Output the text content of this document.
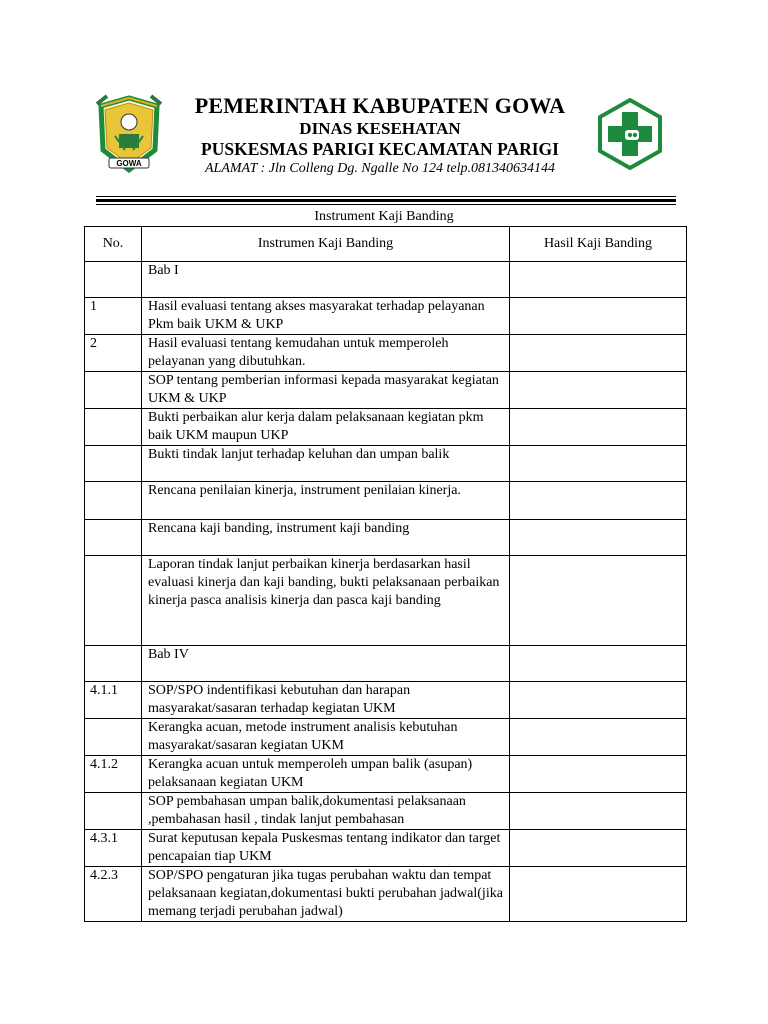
GOWA
PEMERINTAH KABUPATEN GOWA
DINAS KESEHATAN
PUSKESMAS PARIGI KECAMATAN PARIGI
ALAMAT : Jln Colleng Dg. Ngalle No 124 telp.081340634144
Instrument Kaji Banding
No.	Instrumen Kaji Banding	Hasil Kaji Banding
	Bab I	
1	Hasil evaluasi tentang akses masyarakat terhadap pelayanan Pkm baik UKM & UKP	
2	Hasil evaluasi tentang kemudahan untuk memperoleh pelayanan yang dibutuhkan.	
	SOP tentang pemberian informasi kepada masyarakat kegiatan UKM & UKP	
	Bukti perbaikan alur kerja dalam pelaksanaan kegiatan pkm baik UKM maupun UKP	
	Bukti tindak lanjut terhadap keluhan dan umpan balik	
	Rencana penilaian kinerja, instrument penilaian kinerja.	
	Rencana kaji banding, instrument kaji banding	
	Laporan tindak lanjut perbaikan kinerja berdasarkan hasil evaluasi kinerja dan kaji banding, bukti pelaksanaan perbaikan kinerja pasca analisis kinerja dan pasca kaji banding	
	Bab IV	
4.1.1	SOP/SPO indentifikasi kebutuhan dan harapan masyarakat/sasaran terhadap kegiatan UKM	
	Kerangka acuan, metode instrument analisis kebutuhan masyarakat/sasaran kegiatan UKM	
4.1.2	Kerangka acuan untuk memperoleh umpan balik (asupan) pelaksanaan kegiatan UKM	
	SOP pembahasan umpan balik,dokumentasi pelaksanaan ,pembahasan hasil , tindak lanjut pembahasan	
4.3.1	Surat keputusan kepala Puskesmas tentang indikator dan target pencapaian tiap UKM	
4.2.3	SOP/SPO pengaturan jika tugas perubahan waktu dan tempat pelaksanaan kegiatan,dokumentasi bukti perubahan jadwal(jika memang terjadi perubahan jadwal)	
